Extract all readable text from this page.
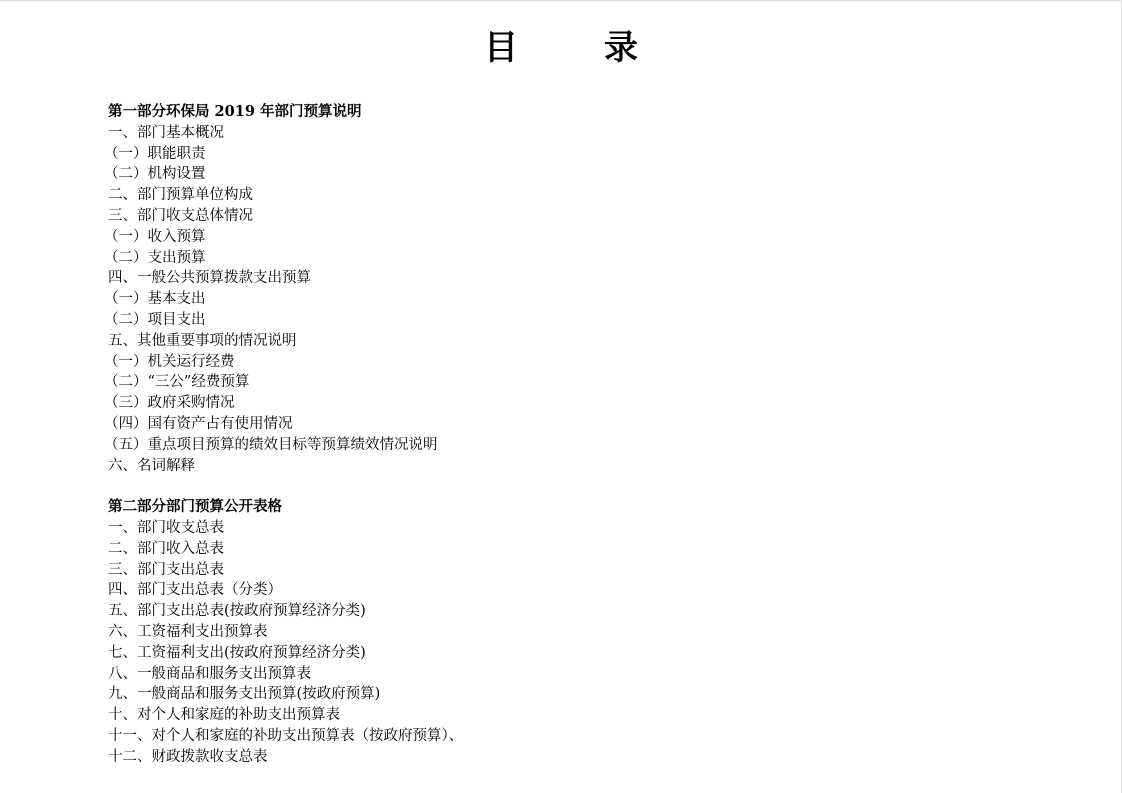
目　录
第一部分环保局 2019 年部门预算说明
一、部门基本概况
（一）职能职责
（二）机构设置
二、部门预算单位构成
三、部门收支总体情况
（一）收入预算
（二）支出预算
四、一般公共预算拨款支出预算
（一）基本支出
（二）项目支出
五、其他重要事项的情况说明
（一）机关运行经费
（二）“三公”经费预算
（三）政府采购情况
（四）国有资产占有使用情况
（五）重点项目预算的绩效目标等预算绩效情况说明
六、名词解释
第二部分部门预算公开表格
一、部门收支总表
二、部门收入总表
三、部门支出总表
四、部门支出总表（分类）
五、部门支出总表(按政府预算经济分类)
六、工资福利支出预算表
七、工资福利支出(按政府预算经济分类)
八、一般商品和服务支出预算表
九、一般商品和服务支出预算(按政府预算)
十、对个人和家庭的补助支出预算表
十一、对个人和家庭的补助支出预算表（按政府预算）、
十二、财政拨款收支总表
